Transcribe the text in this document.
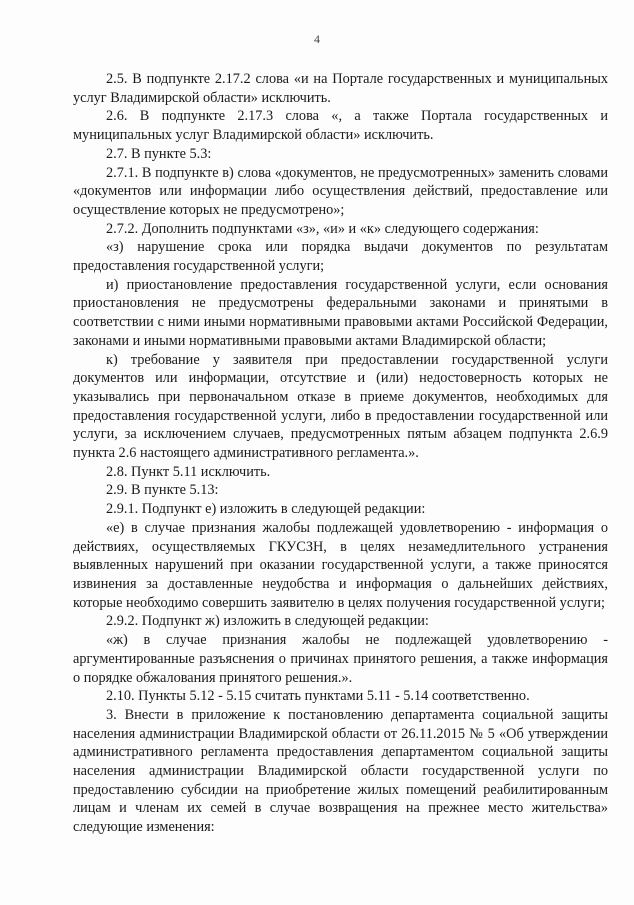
4

2.5. В подпункте 2.17.2 слова «и на Портале государственных и муниципальных услуг Владимирской области» исключить.

2.6. В подпункте 2.17.3 слова «, а также Портала государственных и муниципальных услуг Владимирской области» исключить.

2.7. В пункте 5.3:

2.7.1. В подпункте в) слова «документов, не предусмотренных» заменить словами «документов или информации либо осуществления действий, предоставление или осуществление которых не предусмотрено»;

2.7.2. Дополнить подпунктами «з», «и» и «к» следующего содержания:

«з) нарушение срока или порядка выдачи документов по результатам предоставления государственной услуги;

и) приостановление предоставления государственной услуги, если основания приостановления не предусмотрены федеральными законами и принятыми в соответствии с ними иными нормативными правовыми актами Российской Федерации, законами и иными нормативными правовыми актами Владимирской области;

к) требование у заявителя при предоставлении государственной услуги документов или информации, отсутствие и (или) недостоверность которых не указывались при первоначальном отказе в приеме документов, необходимых для предоставления государственной услуги, либо в предоставлении государственной или услуги, за исключением случаев, предусмотренных пятым абзацем подпункта 2.6.9 пункта 2.6 настоящего административного регламента.».

2.8. Пункт 5.11 исключить.

2.9. В пункте 5.13:

2.9.1. Подпункт е) изложить в следующей редакции:

«е) в случае признания жалобы подлежащей удовлетворению - информация о действиях, осуществляемых ГКУСЗН, в целях незамедлительного устранения выявленных нарушений при оказании государственной услуги, а также приносятся извинения за доставленные неудобства и информация о дальнейших действиях, которые необходимо совершить заявителю в целях получения государственной услуги;

2.9.2. Подпункт ж) изложить в следующей редакции:

«ж) в случае признания жалобы не подлежащей удовлетворению - аргументированные разъяснения о причинах принятого решения, а также информация о порядке обжалования принятого решения.».

2.10. Пункты 5.12 - 5.15 считать пунктами 5.11 - 5.14 соответственно.

3. Внести в приложение к постановлению департамента социальной защиты населения администрации Владимирской области от 26.11.2015 № 5 «Об утверждении административного регламента предоставления департаментом социальной защиты населения администрации Владимирской области государственной услуги по предоставлению субсидии на приобретение жилых помещений реабилитированным лицам и членам их семей в случае возвращения на прежнее место жительства» следующие изменения:
